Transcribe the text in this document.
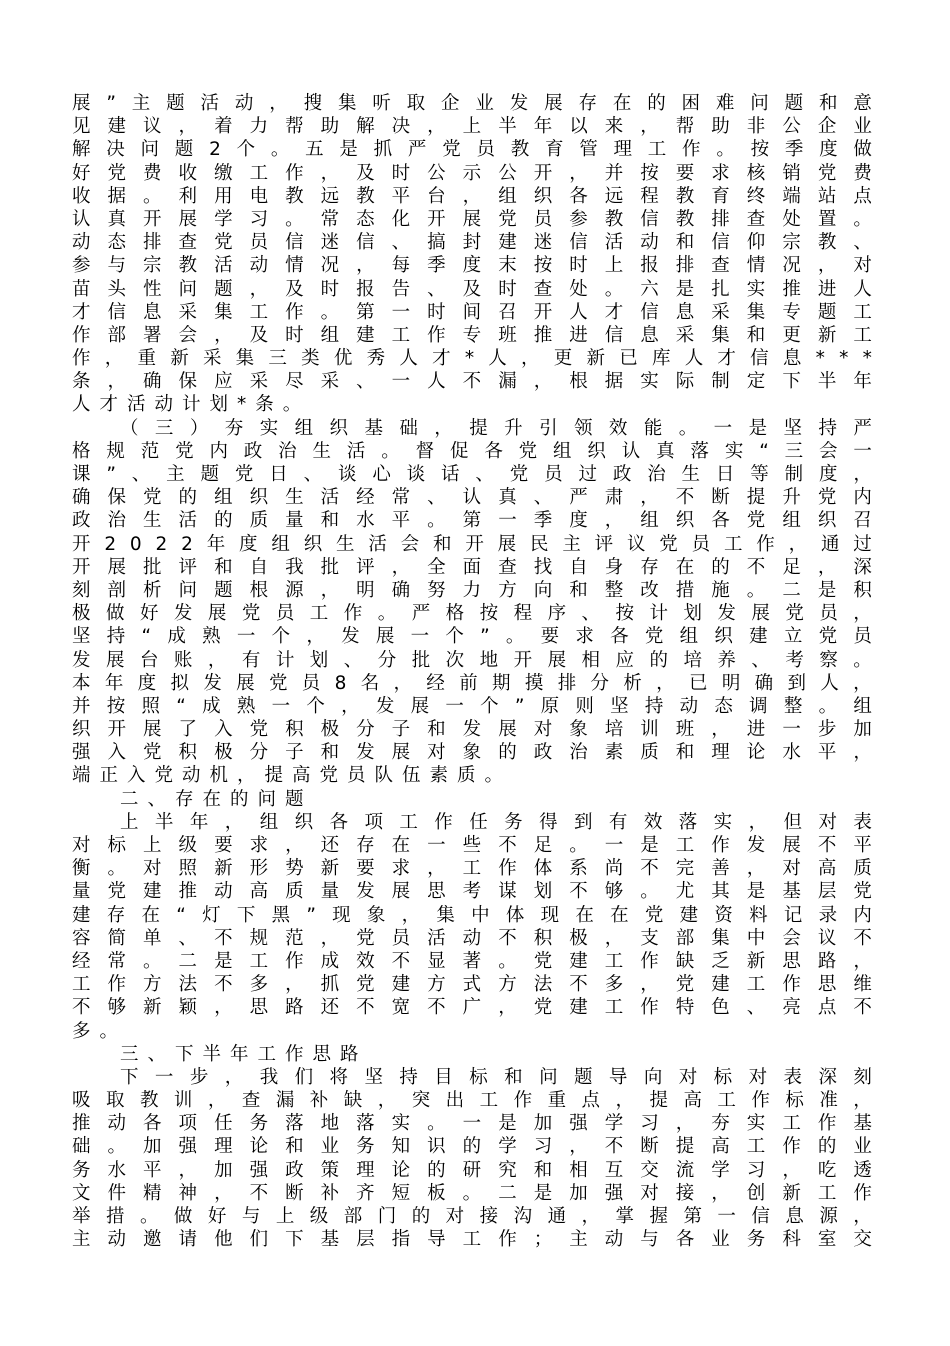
展 ” 主 题 活 动 ， 搜 集 听 取 企 业 发 展 存 在 的 困 难 问 题 和 意
见 建 议 ， 着 力 帮 助 解 决 ， 上 半 年 以 来 ， 帮 助 非 公 企 业
解 决 问 题 2 个 。 五 是 抓 严 党 员 教 育 管 理 工 作 。 按 季 度 做
好 党 费 收 缴 工 作 ， 及 时 公 示 公 开 ， 并 按 要 求 核 销 党 费
收 据 。 利 用 电 教 远 教 平 台 ， 组 织 各 远 程 教 育 终 端 站 点
认 真 开 展 学 习 。 常 态 化 开 展 党 员 参 教 信 教 排 查 处 置 。
动 态 排 查 党 员 信 迷 信 、 搞 封 建 迷 信 活 动 和 信 仰 宗 教 、
参 与 宗 教 活 动 情 况 ， 每 季 度 末 按 时 上 报 排 查 情 况 ， 对
苗 头 性 问 题 ， 及 时 报 告 、 及 时 查 处 。 六 是 扎 实 推 进 人
才 信 息 采 集 工 作 。 第 一 时 间 召 开 人 才 信 息 采 集 专 题 工
作 部 署 会 ， 及 时 组 建 工 作 专 班 推 进 信 息 采 集 和 更 新 工
作 ， 重 新 采 集 三 类 优 秀 人 才 * 人 ， 更 新 已 库 人 才 信 息 * * *
条 ， 确 保 应 采 尽 采 、 一 人 不 漏 ， 根 据 实 际 制 定 下 半 年
人才活动计划*条。
（ 三 ） 夯 实 组 织 基 础 ， 提 升 引 领 效 能 。 一 是 坚 持 严
格 规 范 党 内 政 治 生 活 。 督 促 各 党 组 织 认 真 落 实 “ 三 会 一
课 ” 、 主 题 党 日 、 谈 心 谈 话 、 党 员 过 政 治 生 日 等 制 度 ，
确 保 党 的 组 织 生 活 经 常 、 认 真 、 严 肃 ， 不 断 提 升 党 内
政 治 生 活 的 质 量 和 水 平 。 第 一 季 度 ， 组 织 各 党 组 织 召
开 2 0 2 2 年 度 组 织 生 活 会 和 开 展 民 主 评 议 党 员 工 作 ， 通 过
开 展 批 评 和 自 我 批 评 ， 全 面 查 找 自 身 存 在 的 不 足 ， 深
刻 剖 析 问 题 根 源 ， 明 确 努 力 方 向 和 整 改 措 施 。 二 是 积
极 做 好 发 展 党 员 工 作 。 严 格 按 程 序 、 按 计 划 发 展 党 员 ，
坚 持 “ 成 熟 一 个 ， 发 展 一 个 ” 。 要 求 各 党 组 织 建 立 党 员
发 展 台 账 ， 有 计 划 、 分 批 次 地 开 展 相 应 的 培 养 、 考 察 。
本 年 度 拟 发 展 党 员 8 名 ， 经 前 期 摸 排 分 析 ， 已 明 确 到 人 ，
并 按 照 “ 成 熟 一 个 ， 发 展 一 个 ” 原 则 坚 持 动 态 调 整 。 组
织 开 展 了 入 党 积 极 分 子 和 发 展 对 象 培 训 班 ， 进 一 步 加
强 入 党 积 极 分 子 和 发 展 对 象 的 政 治 素 质 和 理 论 水 平 ，
端正入党动机，提高党员队伍素质。
二、存在的问题
上 半 年 ， 组 织 各 项 工 作 任 务 得 到 有 效 落 实 ， 但 对 表
对 标 上 级 要 求 ， 还 存 在 一 些 不 足 。 一 是 工 作 发 展 不 平
衡 。 对 照 新 形 势 新 要 求 ， 工 作 体 系 尚 不 完 善 ， 对 高 质
量 党 建 推 动 高 质 量 发 展 思 考 谋 划 不 够 。 尤 其 是 基 层 党
建 存 在 “ 灯 下 黑 ” 现 象 ， 集 中 体 现 在 在 党 建 资 料 记 录 内
容 简 单 、 不 规 范 ， 党 员 活 动 不 积 极 ， 支 部 集 中 会 议 不
经 常 。 二 是 工 作 成 效 不 显 著 。 党 建 工 作 缺 乏 新 思 路 ，
工 作 方 法 不 多 ， 抓 党 建 方 式 方 法 不 多 ， 党 建 工 作 思 维
不 够 新 颖 ， 思 路 还 不 宽 不 广 ， 党 建 工 作 特 色 、 亮 点 不
多。
三、下半年工作思路
下 一 步 ， 我 们 将 坚 持 目 标 和 问 题 导 向 对 标 对 表 深 刻
吸 取 教 训 ， 查 漏 补 缺 ， 突 出 工 作 重 点 ， 提 高 工 作 标 准 ，
推 动 各 项 任 务 落 地 落 实 。 一 是 加 强 学 习 ， 夯 实 工 作 基
础 。 加 强 理 论 和 业 务 知 识 的 学 习 ， 不 断 提 高 工 作 的 业
务 水 平 ， 加 强 政 策 理 论 的 研 究 和 相 互 交 流 学 习 ， 吃 透
文 件 精 神 ， 不 断 补 齐 短 板 。 二 是 加 强 对 接 ， 创 新 工 作
举 措 。 做 好 与 上 级 部 门 的 对 接 沟 通 ， 掌 握 第 一 信 息 源 ，
主 动 邀 请 他 们 下 基 层 指 导 工 作 ； 主 动 与 各 业 务 科 室 交
